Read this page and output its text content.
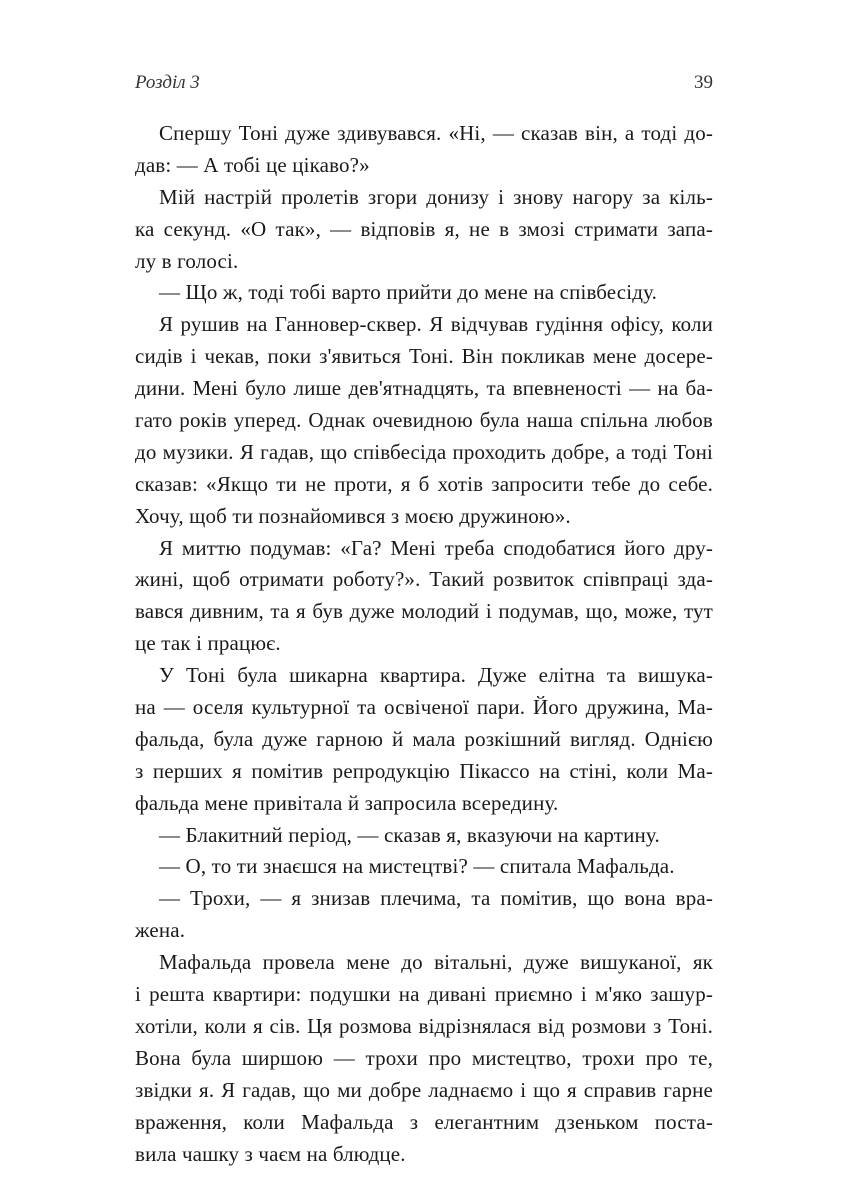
Розділ 3	39
Спершу Тоні дуже здивувався. «Ні, — сказав він, а тоді до-
дав: — А тобі це цікаво?»
Мій настрій пролетів згори донизу і знову нагору за кіль-
ка секунд. «О так», — відповів я, не в змозі стримати запа-
лу в голосі.
— Що ж, тоді тобі варто прийти до мене на співбесіду.
Я рушив на Ганновер-сквер. Я відчував гудіння офісу, коли
сидів і чекав, поки з'явиться Тоні. Він покликав мене досере-
дини. Мені було лише дев'ятнадцять, та впевненості — на ба-
гато років уперед. Однак очевидною була наша спільна любов
до музики. Я гадав, що співбесіда проходить добре, а тоді Тоні
сказав: «Якщо ти не проти, я б хотів запросити тебе до себе.
Хочу, щоб ти познайомився з моєю дружиною».
Я миттю подумав: «Га? Мені треба сподобатися його дру-
жині, щоб отримати роботу?». Такий розвиток співпраці зда-
вався дивним, та я був дуже молодий і подумав, що, може, тут
це так і працює.
У Тоні була шикарна квартира. Дуже елітна та вишука-
на — оселя культурної та освіченої пари. Його дружина, Ма-
фальда, була дуже гарною й мала розкішний вигляд. Однією
з перших я помітив репродукцію Пікассо на стіні, коли Ма-
фальда мене привітала й запросила всередину.
— Блакитний період, — сказав я, вказуючи на картину.
— О, то ти знаєшся на мистецтві? — спитала Мафальда.
— Трохи, — я знизав плечима, та помітив, що вона вра-
жена.
Мафальда провела мене до вітальні, дуже вишуканої, як
і решта квартири: подушки на дивані приємно і м'яко зашур-
хотіли, коли я сів. Ця розмова відрізнялася від розмови з Тоні.
Вона була ширшою — трохи про мистецтво, трохи про те,
звідки я. Я гадав, що ми добре ладнаємо і що я справив гарне
враження, коли Мафальда з елегантним дзеньком поста-
вила чашку з чаєм на блюдце.
